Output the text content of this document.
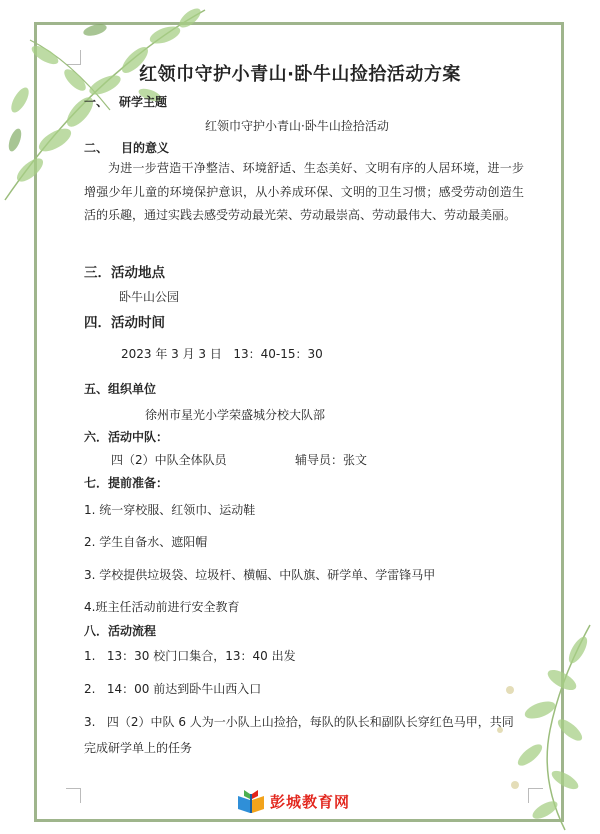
红领巾守护小青山·卧牛山捡拾活动方案
一、 研学主题
红领巾守护小青山·卧牛山捡拾活动
二、 目的意义
为进一步营造干净整洁、环境舒适、生态美好、文明有序的人居环境，进一步增强少年儿童的环境保护意识，从小养成环保、文明的卫生习惯；感受劳动创造生活的乐趣，通过实践去感受劳动最光荣、劳动最崇高、劳动最伟大、劳动最美丽。
三．活动地点
卧牛山公园
四．活动时间
2023 年 3 月 3 日   13：40-15：30
五、组织单位
徐州市星光小学荣盛城分校大队部
六．活动中队：
四（2）中队全体队员	辅导员：张文
七．提前准备：
1. 统一穿校服、红领巾、运动鞋
2. 学生自备水、遮阳帽
3. 学校提供垃圾袋、垃圾杆、横幅、中队旗、研学单、学雷锋马甲
4.班主任活动前进行安全教育
八．活动流程
1.   13：30 校门口集合，13：40 出发
2.   14：00 前达到卧牛山西入口
3.   四（2）中队 6 人为一小队上山捡拾，每队的队长和副队长穿红色马甲，共同完成研学单上的任务
彭城教育网
